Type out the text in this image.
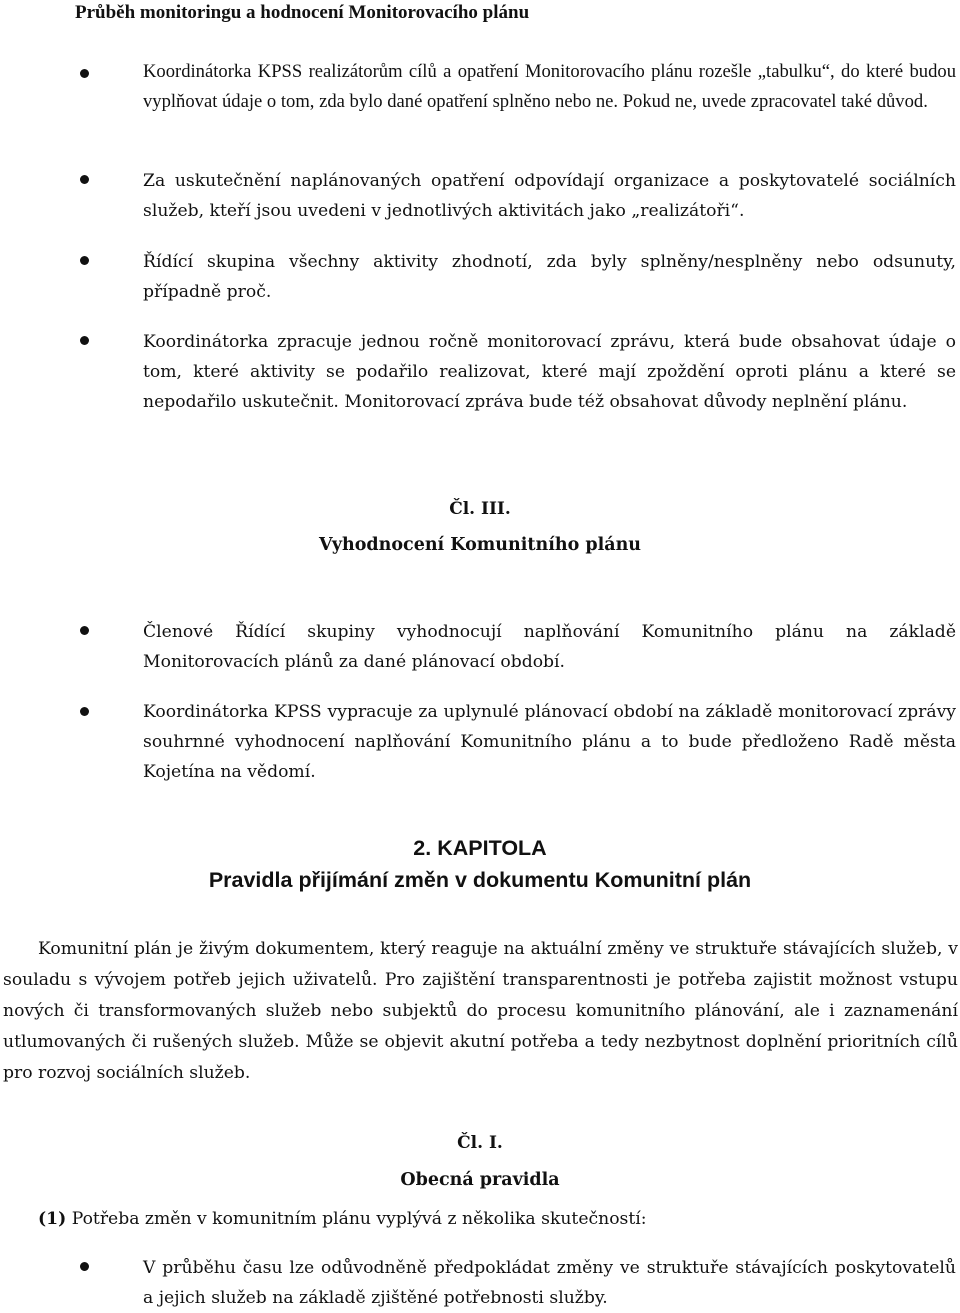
Průběh monitoringu a hodnocení Monitorovacího plánu
Koordinátorka KPSS realizátorům cílů a opatření Monitorovacího plánu rozešle „tabulku“, do které budou vyplňovat údaje o tom, zda bylo dané opatření splněno nebo ne. Pokud ne, uvede zpracovatel také důvod.
Za uskutečnění naplánovaných opatření odpovídají organizace a poskytovatelé sociálních služeb, kteří jsou uvedeni v jednotlivých aktivitách jako „realizátoři“.
Řídící skupina všechny aktivity zhodnotí, zda byly splněny/nesplněny nebo odsunuty, případně proč.
Koordinátorka zpracuje jednou ročně monitorovací zprávu, která bude obsahovat údaje o tom, které aktivity se podařilo realizovat, které mají zpoždění oproti plánu a které se nepodařilo uskutečnit. Monitorovací zpráva bude též obsahovat důvody neplnění plánu.
Čl. III.
Vyhodnocení Komunitního plánu
Členové Řídící skupiny vyhodnocují naplňování Komunitního plánu na základě Monitorovacích plánů za dané plánovací období.
Koordinátorka KPSS vypracuje za uplynulé plánovací období na základě monitorovací zprávy souhrnné vyhodnocení naplňování Komunitního plánu a to bude předloženo Radě města Kojetína na vědomí.
2. KAPITOLA
Pravidla přijímání změn v dokumentu Komunitní plán
Komunitní plán je živým dokumentem, který reaguje na aktuální změny ve struktuře stávajících služeb, v souladu s vývojem potřeb jejich uživatelů. Pro zajištění transparentnosti je potřeba zajistit možnost vstupu nových či transformovaných služeb nebo subjektů do procesu komunitního plánování, ale i zaznamenání utlumovaných či rušených služeb. Může se objevit akutní potřeba a tedy nezbytnost doplnění prioritních cílů pro rozvoj sociálních služeb.
Čl. I.
Obecná pravidla
(1) Potřeba změn v komunitním plánu vyplývá z několika skutečností:
V průběhu času lze odůvodněně předpokládat změny ve struktuře stávajících poskytovatelů a jejich služeb na základě zjištěné potřebnosti služby.
